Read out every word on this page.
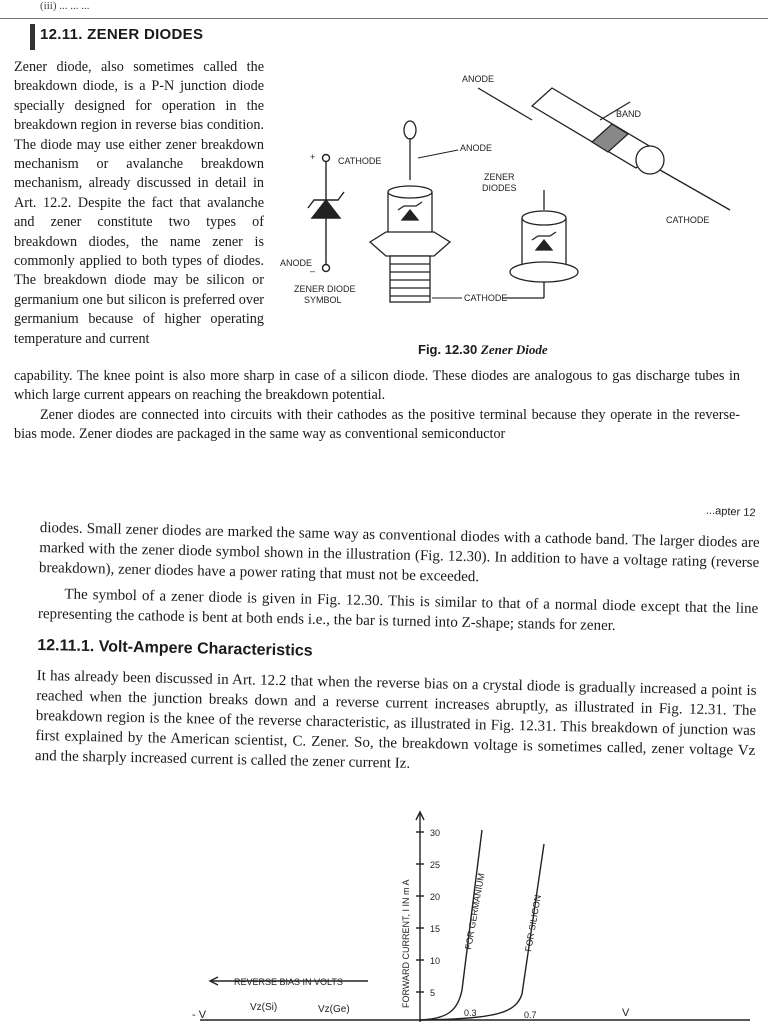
(iii) ... ... ...
12.11. ZENER DIODES

Zener diode, also sometimes called the breakdown diode, is a P-N junction diode specially designed for operation in the breakdown region in reverse bias condition. The diode may use either zener breakdown mechanism or avalanche breakdown mechanism, already discussed in detail in Art. 12.2. Despite the fact that avalanche and zener constitute two types of breakdown diodes, the name zener is commonly applied to both types of diodes. The breakdown diode may be silicon or germanium one but silicon is preferred over germanium because of higher operating temperature and current

+	CATHODE
ANODE
–
ZENER DIODE
SYMBOL
ANODE
BAND
ANODE
ZENER
DIODES
CATHODE
CATHODE
Fig. 12.30 Zener Diode

capability. The knee point is also more sharp in case of a silicon diode. These diodes are analogous to gas discharge tubes in which large current appears on reaching the breakdown potential.

Zener diodes are connected into circuits with their cathodes as the positive terminal because they operate in the reverse-bias mode. Zener diodes are packaged in the same way as conventional semiconductor

...apter 12

diodes. Small zener diodes are marked the same way as conventional diodes with a cathode band. The larger diodes are marked with the zener diode symbol shown in the illustration (Fig. 12.30). In addition to have a voltage rating (reverse breakdown), zener diodes have a power rating that must not be exceeded.

The symbol of a zener diode is given in Fig. 12.30. This is similar to that of a normal diode except that the line representing the cathode is bent at both ends i.e., the bar is turned into Z-shape; stands for zener.

12.11.1. Volt-Ampere Characteristics

It has already been discussed in Art. 12.2 that when the reverse bias on a crystal diode is gradually increased a point is reached when the junction breaks down and a reverse current increases abruptly, as illustrated in Fig. 12.31. The breakdown region is the knee of the reverse characteristic, as illustrated in Fig. 12.31. This breakdown of junction was first explained by the American scientist, C. Zener. So, the breakdown voltage is sometimes called, zener voltage Vz and the sharply increased current is called the zener current Iz.

30
25
20
15
10
5
FORWARD CURRENT, I IN m A	FOR GERMANIUM	FOR SILICON
REVERSE BIAS IN VOLTS
Vz(Si)	Vz(Ge)
- V	0.3	0.7	V
